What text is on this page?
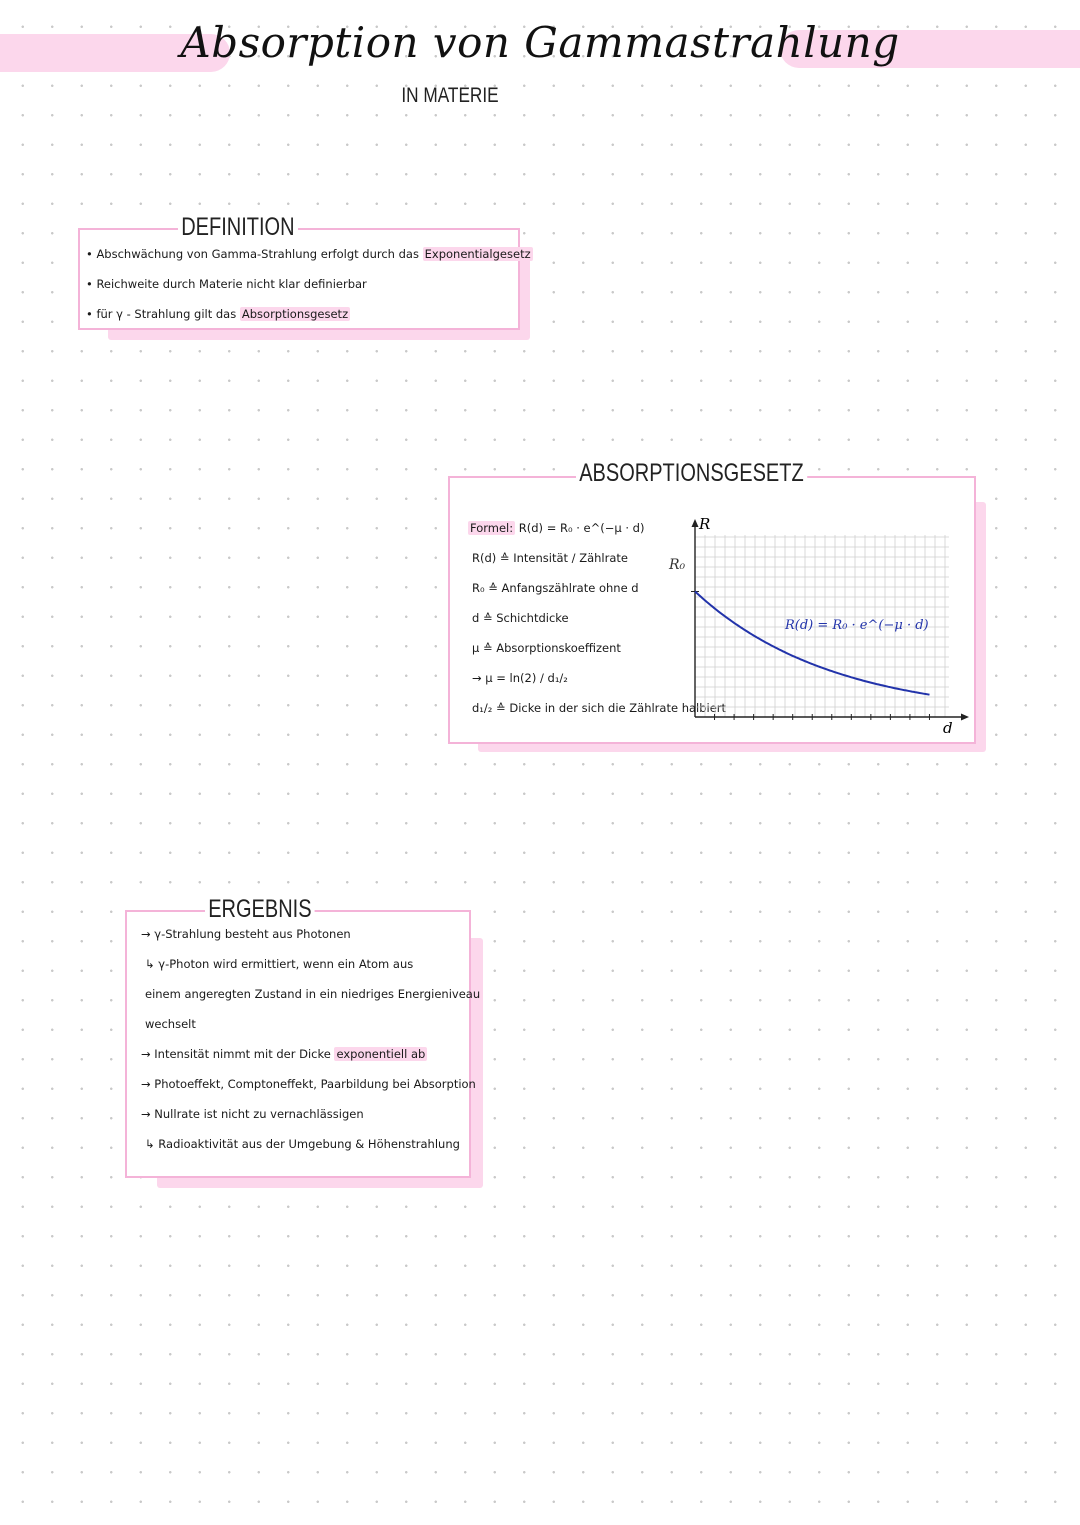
Absorption von Gammastrahlung
IN MATERIE
DEFINITION
• Abschwächung von Gamma-Strahlung erfolgt durch das Exponentialgesetz
• Reichweite durch Materie nicht klar definierbar
• für γ - Strahlung gilt das Absorptionsgesetz
ABSORPTIONSGESETZ
Formel: R(d) = R₀ · e^(−μ · d)
R(d) ≙ Intensität / Zählrate
R₀ ≙ Anfangszählrate ohne d
d ≙ Schichtdicke
μ ≙ Absorptionskoeffizent
→ μ = ln(2) / d₁/₂
d₁/₂ ≙ Dicke in der sich die Zählrate halbiert
R
d
R₀
R(d) = R₀ · e^(−μ · d)
ERGEBNIS
→ γ-Strahlung besteht aus Photonen
↳ γ-Photon wird ermittiert, wenn ein Atom aus
einem angeregten Zustand in ein niedriges Energieniveau
wechselt
→ Intensität nimmt mit der Dicke exponentiell ab
→ Photoeffekt, Comptoneffekt, Paarbildung bei Absorption
→ Nullrate ist nicht zu vernachlässigen
↳ Radioaktivität aus der Umgebung & Höhenstrahlung
